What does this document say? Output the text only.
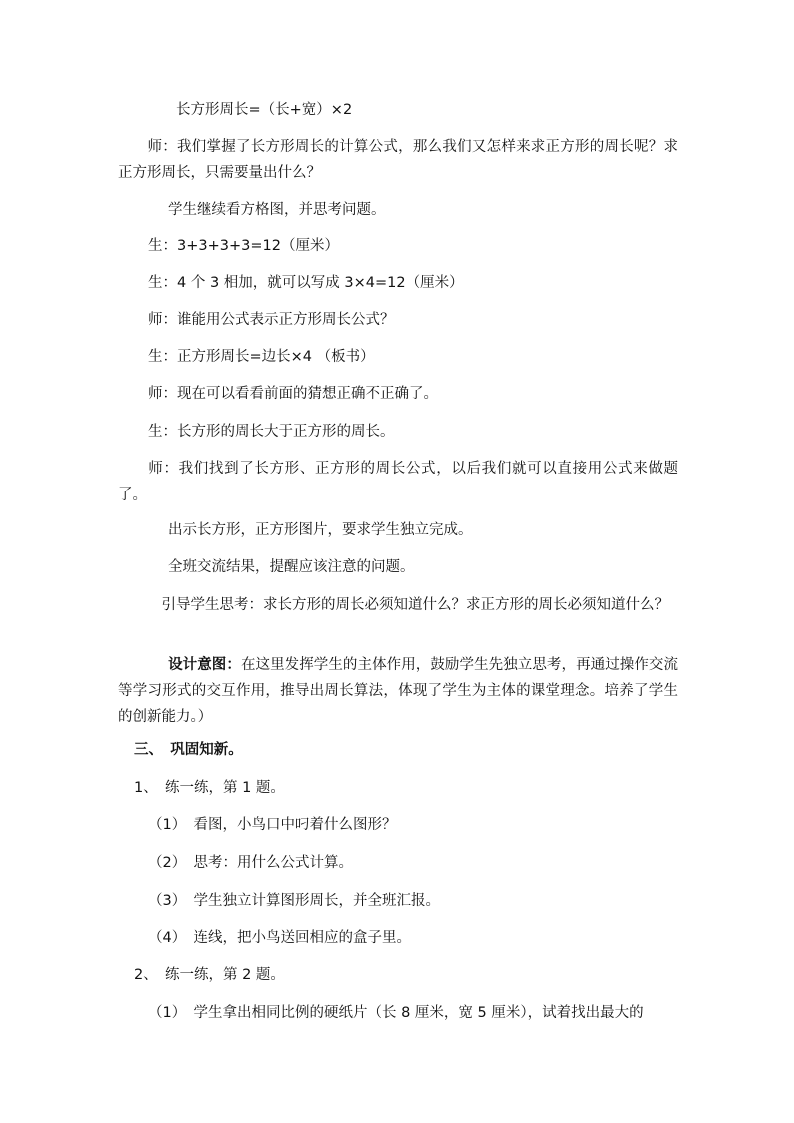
长方形周长=（长+宽）×2
　　师：我们掌握了长方形周长的计算公式，那么我们又怎样来求正方形的周长呢？求正方形周长，只需要量出什么？
学生继续看方格图，并思考问题。
生：3+3+3+3=12（厘米）
生：4 个 3 相加，就可以写成 3×4=12（厘米）
师：谁能用公式表示正方形周长公式？
生：正方形周长=边长×4 （板书）
师：现在可以看看前面的猜想正确不正确了。
生：长方形的周长大于正方形的周长。
　　师：我们找到了长方形、正方形的周长公式，以后我们就可以直接用公式来做题了。
出示长方形，正方形图片，要求学生独立完成。
全班交流结果，提醒应该注意的问题。
　　　引导学生思考：求长方形的周长必须知道什么？求正方形的周长必须知道什么？
设计意图：在这里发挥学生的主体作用，鼓励学生先独立思考，再通过操作交流等学习形式的交互作用，推导出周长算法，体现了学生为主体的课堂理念。培养了学生的创新能力。）
三、　巩固知新。
1、　练一练，第 1 题。
（1）　看图，小鸟口中叼着什么图形？
（2）　思考：用什么公式计算。
（3）　学生独立计算图形周长，并全班汇报。
（4）　连线，把小鸟送回相应的盒子里。
2、　练一练，第 2 题。
（1）　学生拿出相同比例的硬纸片（长 8 厘米，宽 5 厘米），试着找出最大的
